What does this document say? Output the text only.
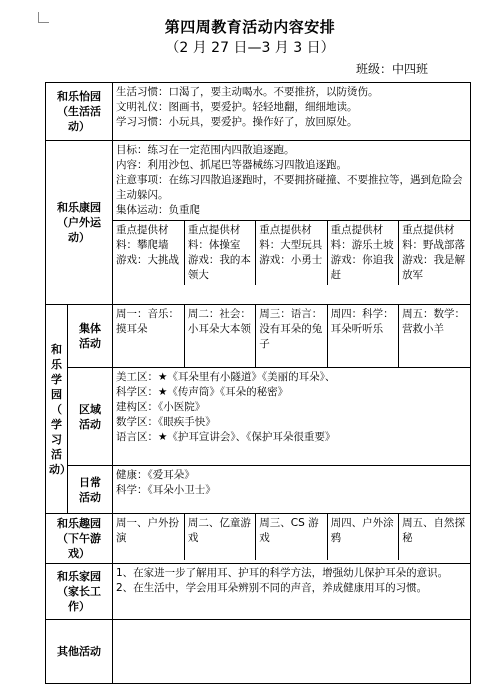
第四周教育活动内容安排
（2 月 27 日—3 月 3 日）
班级：中四班
和乐怡园
（生活活动）

生活习惯：口渴了，要主动喝水。不要推挤，以防烫伤。
文明礼仪：图画书，要爱护。轻轻地翻，细细地读。
学习习惯：小玩具，要爱护。操作好了，放回原处。

和乐康园
（户外运动）

目标：练习在一定范围内四散追逐跑。
内容：利用沙包、抓尾巴等器械练习四散追逐跑。
注意事项：在练习四散追逐跑时，不要拥挤碰撞、不要推拉等，遇到危险会主动躲闪。
集体运动：负重爬
重点提供材料：攀爬墙 游戏：大挑战	重点提供材料：体操室 游戏：我的本领大	重点提供材料：大型玩具 游戏：小勇士	重点提供材料：游乐土坡 游戏：你追我赶	重点提供材料：野战部落 游戏：我是解放军

和
乐
学
园
（
学
习
活
动）

集体
活动

周一：音乐：摸耳朵	周二：社会：小耳朵大本领	周三：语言：没有耳朵的兔子	周四：科学：耳朵听听乐	周五：数学：营救小羊

区域
活动

美工区：★《耳朵里有小隧道》《美丽的耳朵》、
科学区：★《传声筒》《耳朵的秘密》
建构区：《小医院》
数学区：《眼疾手快》
语言区：★《护耳宣讲会》、《保护耳朵很重要》

日常
活动

健康：《爱耳朵》
科学：《耳朵小卫士》

和乐趣园
（下午游戏）

周一、户外扮演	周二、亿童游戏	周三、CS 游戏	周四、户外涂鸦	周五、自然探秘

和乐家园
（家长工作）

1、在家进一步了解用耳、护耳的科学方法，增强幼儿保护耳朵的意识。
2、在生活中，学会用耳朵辨别不同的声音，养成健康用耳的习惯。

其他活动	
